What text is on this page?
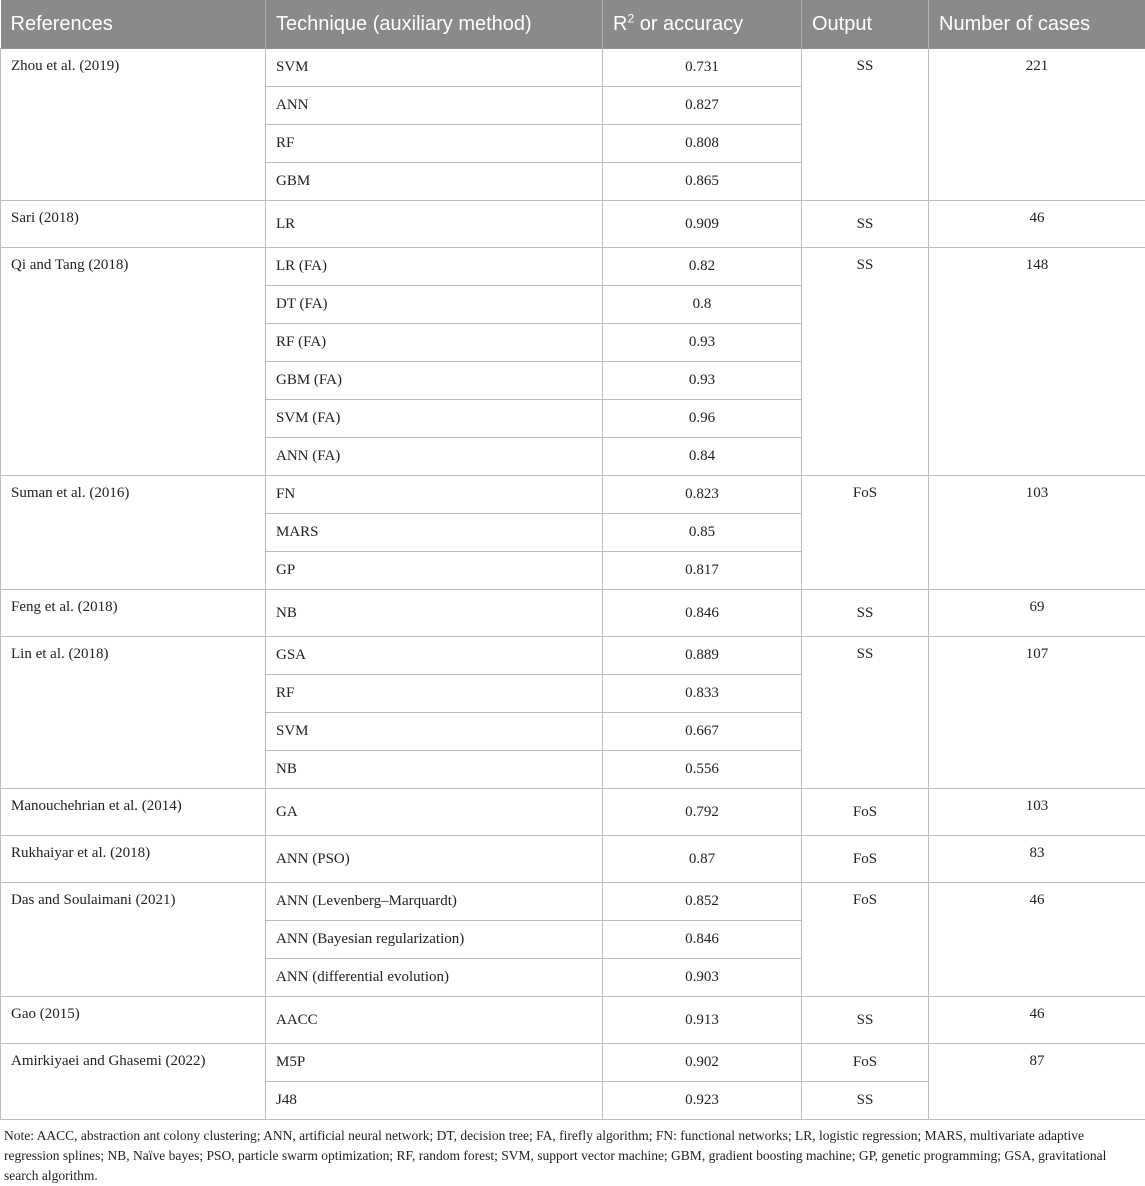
References	Technique (auxiliary method)	$R^2$ or accuracy	Output	Number of cases
Zhou et al. (2019)	SVM	0.731	SS	221
	ANN	0.827		
	RF	0.808		
	GBM	0.865		
Sari (2018)	LR	0.909	SS	46
Qi and Tang (2018)	LR (FA)	0.82	SS	148
	DT (FA)	0.8		
	RF (FA)	0.93		
	GBM (FA)	0.93		
	SVM (FA)	0.96		
	ANN (FA)	0.84		
Suman et al. (2016)	FN	0.823	FoS	103
	MARS	0.85		
	GP	0.817		
Feng et al. (2018)	NB	0.846	SS	69
Lin et al. (2018)	GSA	0.889	SS	107
	RF	0.833		
	SVM	0.667		
	NB	0.556		
Manouchehrian et al. (2014)	GA	0.792	FoS	103
Rukhaiyar et al. (2018)	ANN (PSO)	0.87	FoS	83
Das and Soulaimani (2021)	ANN (Levenberg–Marquardt)	0.852	FoS	46
	ANN (Bayesian regularization)	0.846		
	ANN (differential evolution)	0.903		
Gao (2015)	AACC	0.913	SS	46
Amirkiyaei and Ghasemi (2022)	M5P	0.902	FoS	87
	J48	0.923	SS	
Note: AACC, abstraction ant colony clustering; ANN, artificial neural network; DT, decision tree; FA, firefly algorithm; FN: functional networks; LR, logistic regression; MARS, multivariate adaptive regression splines; NB, Naïve bayes; PSO, particle swarm optimization; RF, random forest; SVM, support vector machine; GBM, gradient boosting machine; GP, genetic programming; GSA, gravitational search algorithm.
